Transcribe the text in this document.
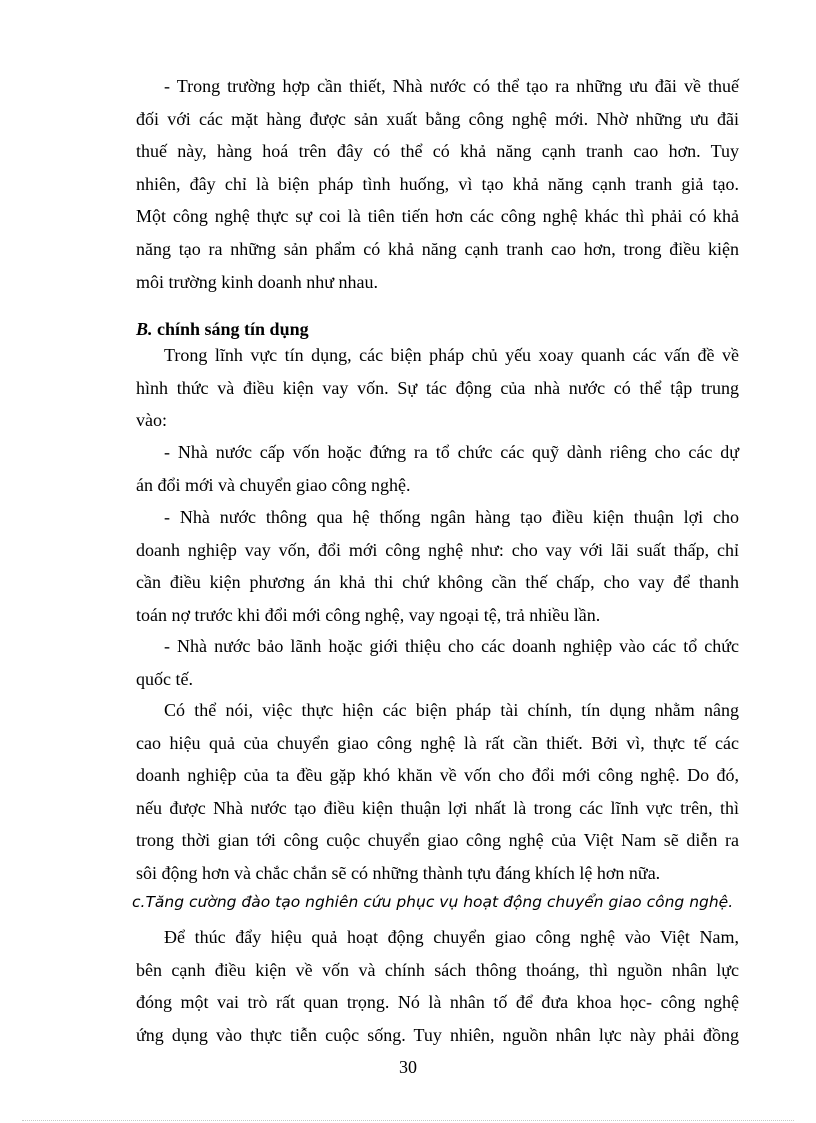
- Trong trường hợp cần thiết, Nhà nước có thể tạo ra những ưu đãi về thuế
đối với các mặt hàng được sản xuất bằng công nghệ mới. Nhờ những ưu đãi
thuế này, hàng hoá trên đây có thể có khả năng cạnh tranh cao hơn. Tuy
nhiên, đây chỉ là biện pháp tình huống, vì tạo khả năng cạnh tranh giả tạo.
Một công nghệ thực sự coi là tiên tiến hơn các công nghệ khác thì phải có khả
năng tạo ra những sản phẩm có khả năng cạnh tranh cao hơn, trong điều kiện
môi trường kinh doanh như nhau.
B. chính sáng tín dụng
Trong lĩnh vực tín dụng, các biện pháp chủ yếu xoay quanh các vấn đề về
hình thức và điều kiện vay vốn. Sự tác động của nhà nước có thể tập trung
vào:
- Nhà nước cấp vốn hoặc đứng ra tổ chức các quỹ dành riêng cho các dự
án đổi mới và chuyển giao công nghệ.
- Nhà nước thông qua hệ thống ngân hàng tạo điều kiện thuận lợi cho
doanh nghiệp vay vốn, đổi mới công nghệ như: cho vay với lãi suất thấp, chỉ
cần điều kiện phương án khả thi chứ không cần thế chấp, cho vay để thanh
toán nợ trước khi đổi mới công nghệ, vay ngoại tệ, trả nhiều lần.
- Nhà nước bảo lãnh hoặc giới thiệu cho các doanh nghiệp vào các tổ chức
quốc tế.
Có thể nói, việc thực hiện các biện pháp tài chính, tín dụng nhằm nâng
cao hiệu quả của chuyển giao công nghệ là rất cần thiết. Bởi vì, thực tế các
doanh nghiệp của ta đều gặp khó khăn về vốn cho đổi mới công nghệ. Do đó,
nếu được Nhà nước tạo điều kiện thuận lợi nhất là trong các lĩnh vực trên, thì
trong thời gian tới công cuộc chuyển giao công nghệ của Việt Nam sẽ diễn ra
sôi động hơn và chắc chắn sẽ có những thành tựu đáng khích lệ hơn nữa.
c.Tăng cường đào tạo nghiên cứu phục vụ hoạt động chuyển giao công nghệ.
Để thúc đẩy hiệu quả hoạt động chuyển giao công nghệ vào Việt Nam,
bên cạnh điều kiện về vốn và chính sách thông thoáng, thì nguồn nhân lực
đóng một vai trò rất quan trọng. Nó là nhân tố để đưa khoa học- công nghệ
ứng dụng vào thực tiễn cuộc sống. Tuy nhiên, nguồn nhân lực này phải đồng
30
